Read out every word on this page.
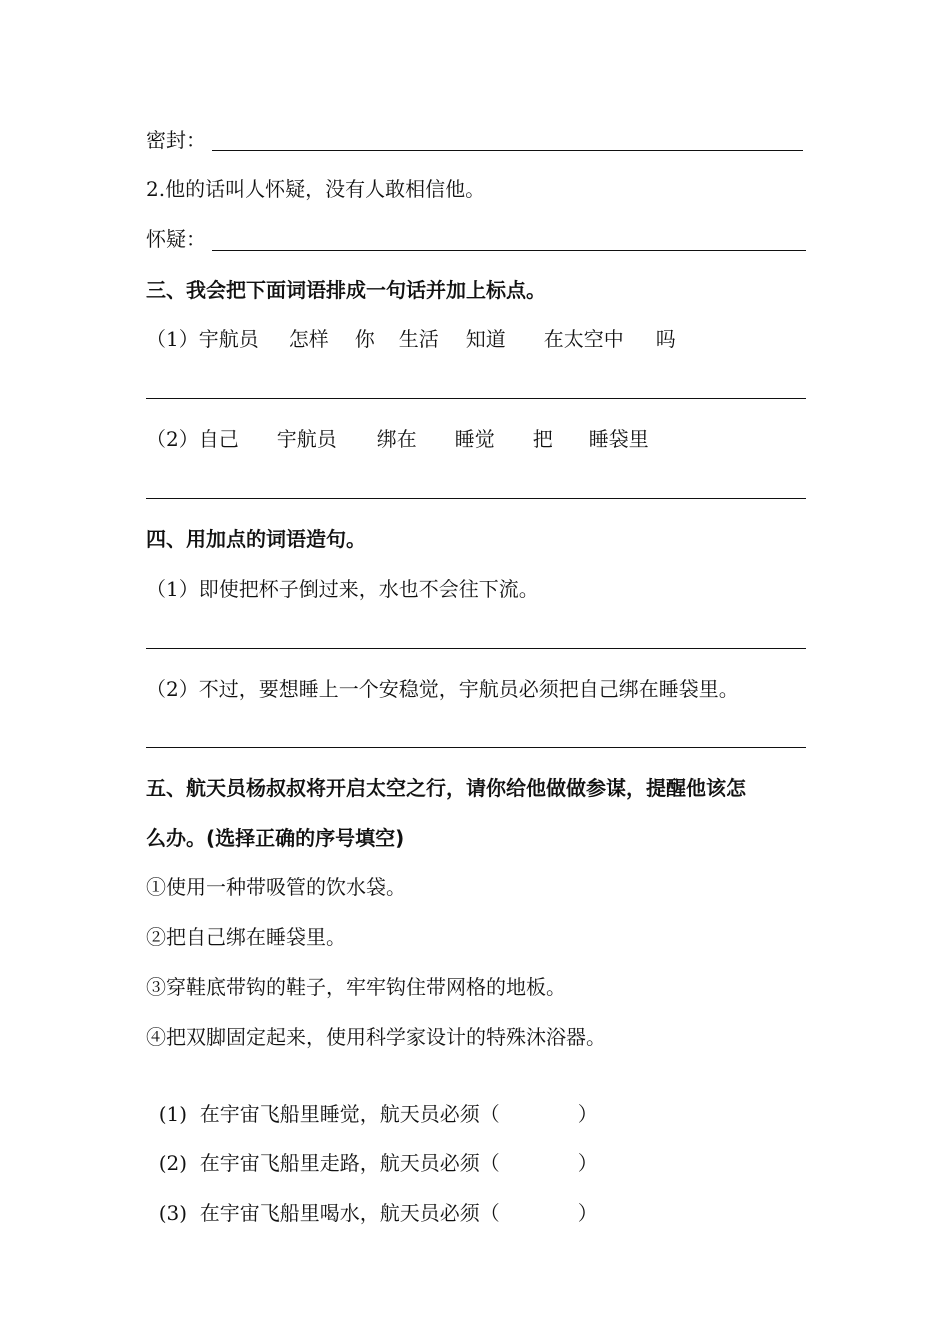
密封：
2.他的话叫人怀疑，没有人敢相信他。
怀疑：
三、我会把下面词语排成一句话并加上标点。
（1）宇航员 怎样 你 生活 知道 在太空中 吗
（2）自己 宇航员 绑在 睡觉 把 睡袋里
四、用加点的词语造句。
（1）即使把杯子倒过来，水也不会往下流。
（2）不过，要想睡上一个安稳觉，宇航员必须把自己绑在睡袋里。
五、航天员杨叔叔将开启太空之行，请你给他做做参谋，提醒他该怎
么办。(选择正确的序号填空)
①使用一种带吸管的饮水袋。
②把自己绑在睡袋里。
③穿鞋底带钩的鞋子，牢牢钩住带网格的地板。
④把双脚固定起来，使用科学家设计的特殊沐浴器。

(1) 在宇宙飞船里睡觉，航天员必须（	）

(2) 在宇宙飞船里走路，航天员必须（	）

(3) 在宇宙飞船里喝水，航天员必须（	）
